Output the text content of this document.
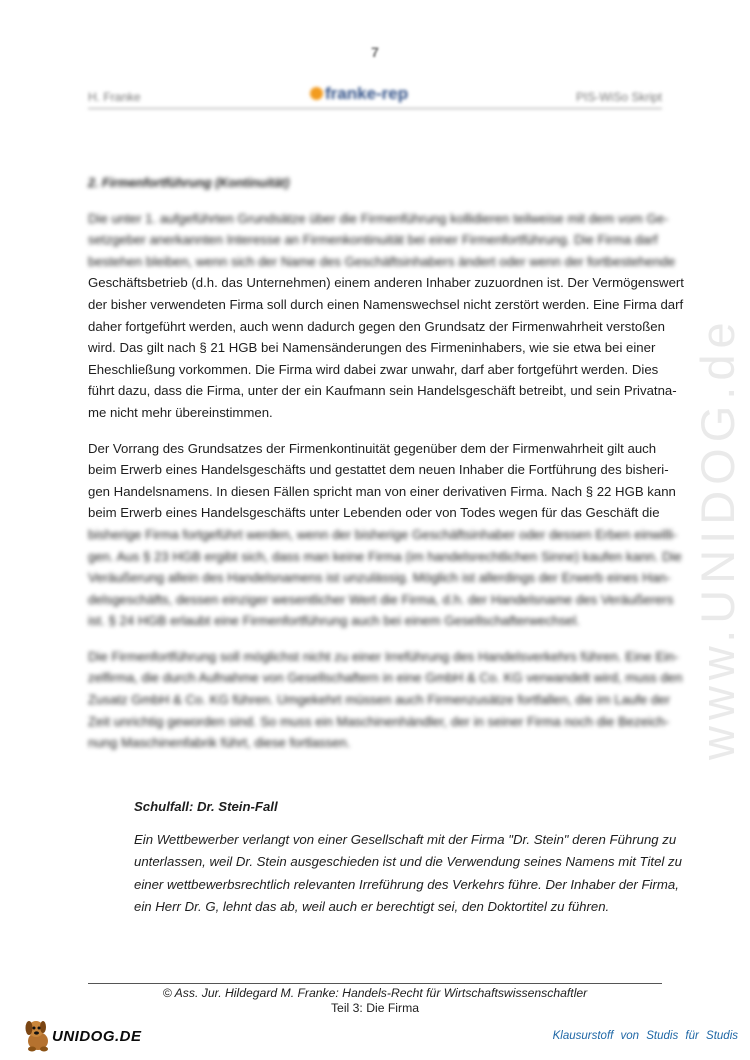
7
H. Franke	franke-rep	PIS-WiSo Skript
www.UNIDOG.de

2. Firmenfortführung (Kontinuität)

Die unter 1. aufgeführten Grundsätze über die Firmenführung kollidieren teilweise mit dem vom Ge-
setzgeber anerkannten Interesse an Firmenkontinuität bei einer Firmenfortführung. Die Firma darf
bestehen bleiben, wenn sich der Name des Geschäftsinhabers ändert oder wenn der fortbestehende
Geschäftsbetrieb (d.h. das Unternehmen) einem anderen Inhaber zuzuordnen ist. Der Vermögenswert
der bisher verwendeten Firma soll durch einen Namenswechsel nicht zerstört werden. Eine Firma darf
daher fortgeführt werden, auch wenn dadurch gegen den Grundsatz der Firmenwahrheit verstoßen
wird. Das gilt nach § 21 HGB bei Namensänderungen des Firmeninhabers, wie sie etwa bei einer
Eheschließung vorkommen. Die Firma wird dabei zwar unwahr, darf aber fortgeführt werden. Dies
führt dazu, dass die Firma, unter der ein Kaufmann sein Handelsgeschäft betreibt, und sein Privatna-
me nicht mehr übereinstimmen.

Der Vorrang des Grundsatzes der Firmenkontinuität gegenüber dem der Firmenwahrheit gilt auch
beim Erwerb eines Handelsgeschäfts und gestattet dem neuen Inhaber die Fortführung des bisheri-
gen Handelsnamens. In diesen Fällen spricht man von einer derivativen Firma. Nach § 22 HGB kann
beim Erwerb eines Handelsgeschäfts unter Lebenden oder von Todes wegen für das Geschäft die
bisherige Firma fortgeführt werden, wenn der bisherige Geschäftsinhaber oder dessen Erben einwilli-
gen. Aus § 23 HGB ergibt sich, dass man keine Firma (im handelsrechtlichen Sinne) kaufen kann. Die
Veräußerung allein des Handelsnamens ist unzulässig. Möglich ist allerdings der Erwerb eines Han-
delsgeschäfts, dessen einziger wesentlicher Wert die Firma, d.h. der Handelsname des Veräußerers
ist. § 24 HGB erlaubt eine Firmenfortführung auch bei einem Gesellschafterwechsel.

Die Firmenfortführung soll möglichst nicht zu einer Irreführung des Handelsverkehrs führen. Eine Ein-
zelfirma, die durch Aufnahme von Gesellschaftern in eine GmbH & Co. KG verwandelt wird, muss den
Zusatz GmbH & Co. KG führen. Umgekehrt müssen auch Firmenzusätze fortfallen, die im Laufe der
Zeit unrichtig geworden sind. So muss ein Maschinenhändler, der in seiner Firma noch die Bezeich-
nung Maschinenfabrik führt, diese fortlassen.

Schulfall: Dr. Stein-Fall
Ein Wettbewerber verlangt von einer Gesellschaft mit der Firma "Dr. Stein" deren Führung zu
unterlassen, weil Dr. Stein ausgeschieden ist und die Verwendung seines Namens mit Titel zu
einer wettbewerbsrechtlich relevanten Irreführung des Verkehrs führe. Der Inhaber der Firma,
ein Herr Dr. G, lehnt das ab, weil auch er berechtigt sei, den Doktortitel zu führen.
© Ass. Jur. Hildegard M. Franke: Handels-Recht für Wirtschaftswissenschaftler
Teil 3: Die Firma
UNIDOG.DE	Klausurstoff von Studis für Studis
